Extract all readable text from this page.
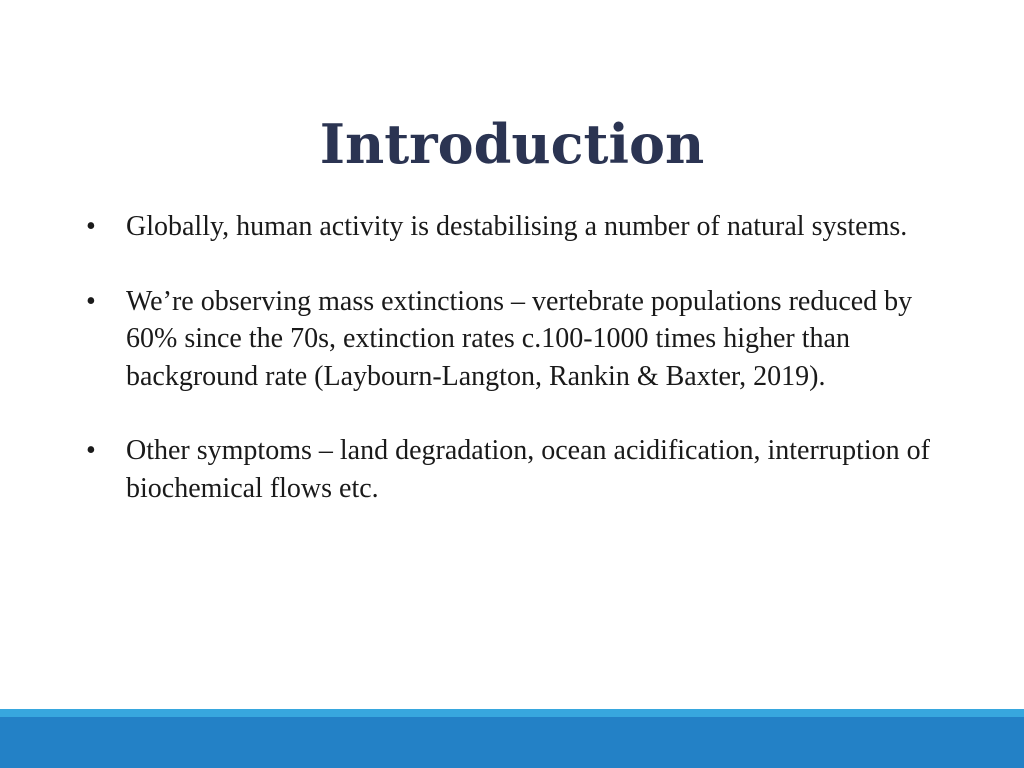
Introduction
•	Globally, human activity is destabilising a number of natural systems.
•	We’re observing mass extinctions – vertebrate populations reduced by 60% since the 70s, extinction rates c.100-1000 times higher than background rate (Laybourn-Langton, Rankin & Baxter, 2019).
•	Other symptoms – land degradation, ocean acidification, interruption of biochemical flows etc.
